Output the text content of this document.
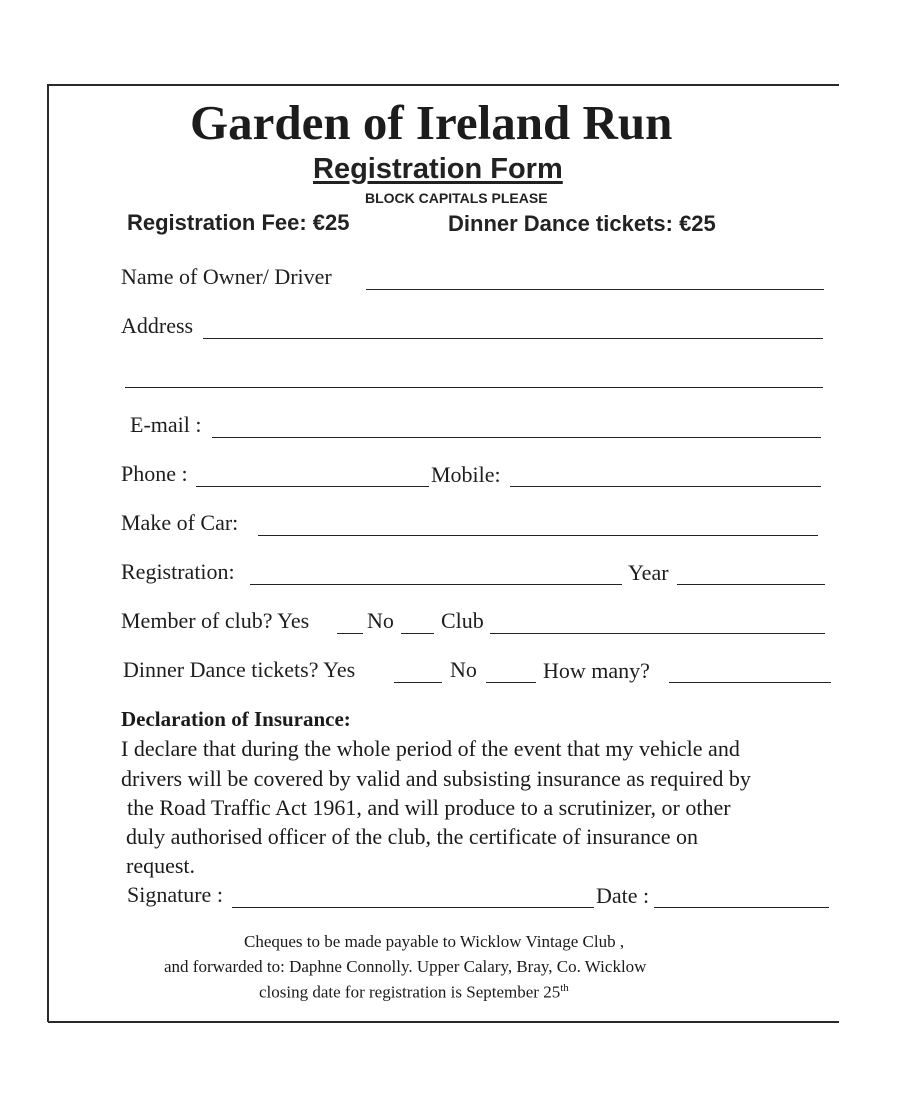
Garden of Ireland Run
Registration Form
BLOCK CAPITALS PLEASE
Registration Fee: €25	Dinner Dance tickets: €25
Name of Owner/ Driver
Address
E-mail :
Phone :	Mobile:
Make of Car:
Registration:	Year
Member of club? Yes	No Club
Dinner Dance tickets? Yes	No	How many?
Declaration of Insurance:
I declare that during the whole period of the event that my vehicle and
drivers will be covered by valid and subsisting insurance as required by
the Road Traffic Act 1961, and will produce to a scrutinizer, or other
duly authorised officer of the club, the certificate of insurance on
request.
Signature :	Date :
Cheques to be made payable to Wicklow Vintage Club ,
and forwarded to: Daphne Connolly. Upper Calary, Bray, Co. Wicklow
closing date for registration is September 25th
